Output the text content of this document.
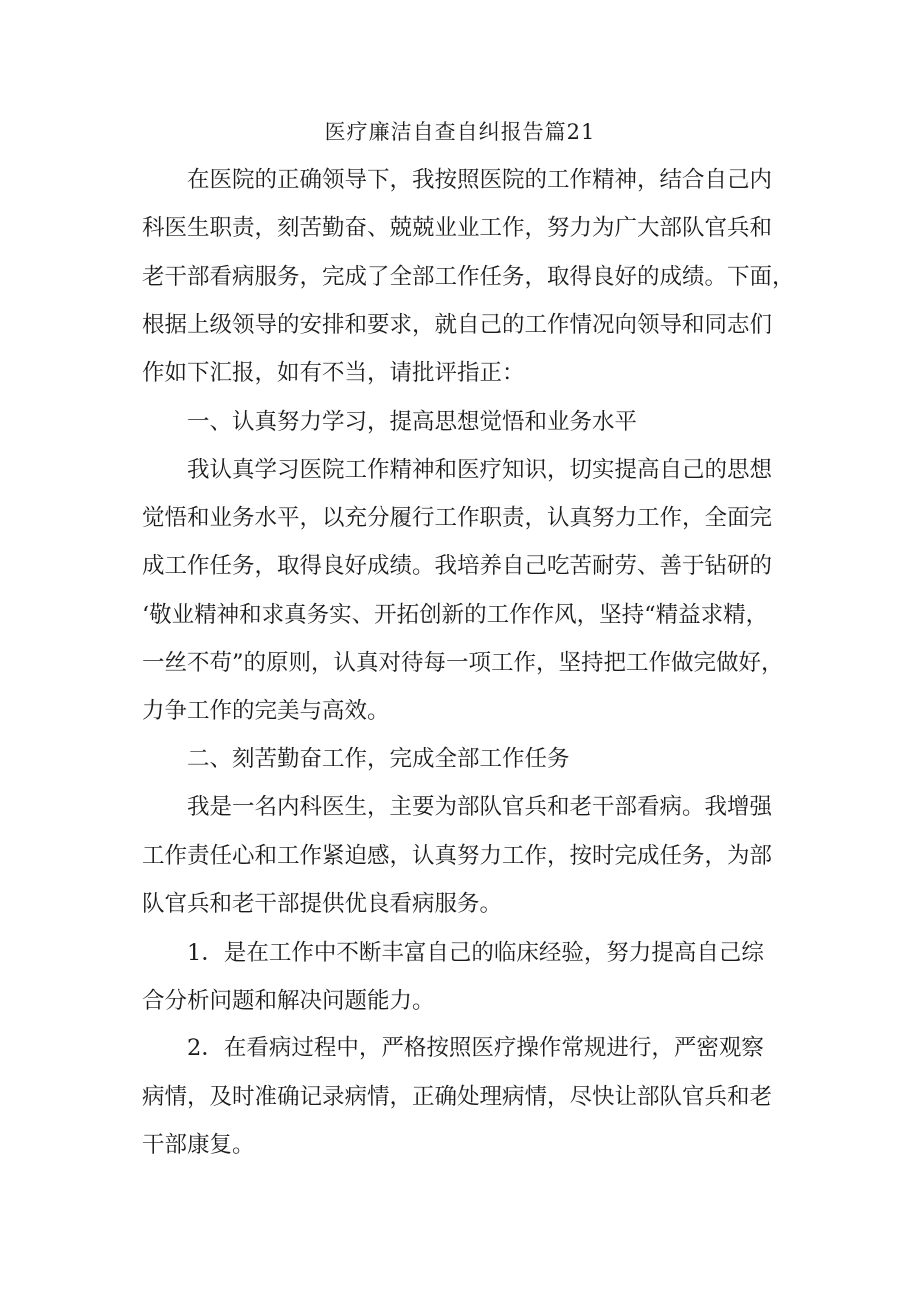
医疗廉洁自查自纠报告篇21
在医院的正确领导下，我按照医院的工作精神，结合自己内
科医生职责，刻苦勤奋、兢兢业业工作，努力为广大部队官兵和
老干部看病服务，完成了全部工作任务，取得良好的成绩。下面，
根据上级领导的安排和要求，就自己的工作情况向领导和同志们
作如下汇报，如有不当，请批评指正：
一、认真努力学习，提高思想觉悟和业务水平
我认真学习医院工作精神和医疗知识，切实提高自己的思想
觉悟和业务水平，以充分履行工作职责，认真努力工作，全面完
成工作任务，取得良好成绩。我培养自己吃苦耐劳、善于钻研的
‘敬业精神和求真务实、开拓创新的工作作风，坚持“精益求精，
一丝不苟”的原则，认真对待每一项工作，坚持把工作做完做好，
力争工作的完美与高效。
二、刻苦勤奋工作，完成全部工作任务
我是一名内科医生，主要为部队官兵和老干部看病。我增强
工作责任心和工作紧迫感，认真努力工作，按时完成任务，为部
队官兵和老干部提供优良看病服务。
1．是在工作中不断丰富自己的临床经验，努力提高自己综
合分析问题和解决问题能力。
2．在看病过程中，严格按照医疗操作常规进行，严密观察
病情，及时准确记录病情，正确处理病情，尽快让部队官兵和老
干部康复。
